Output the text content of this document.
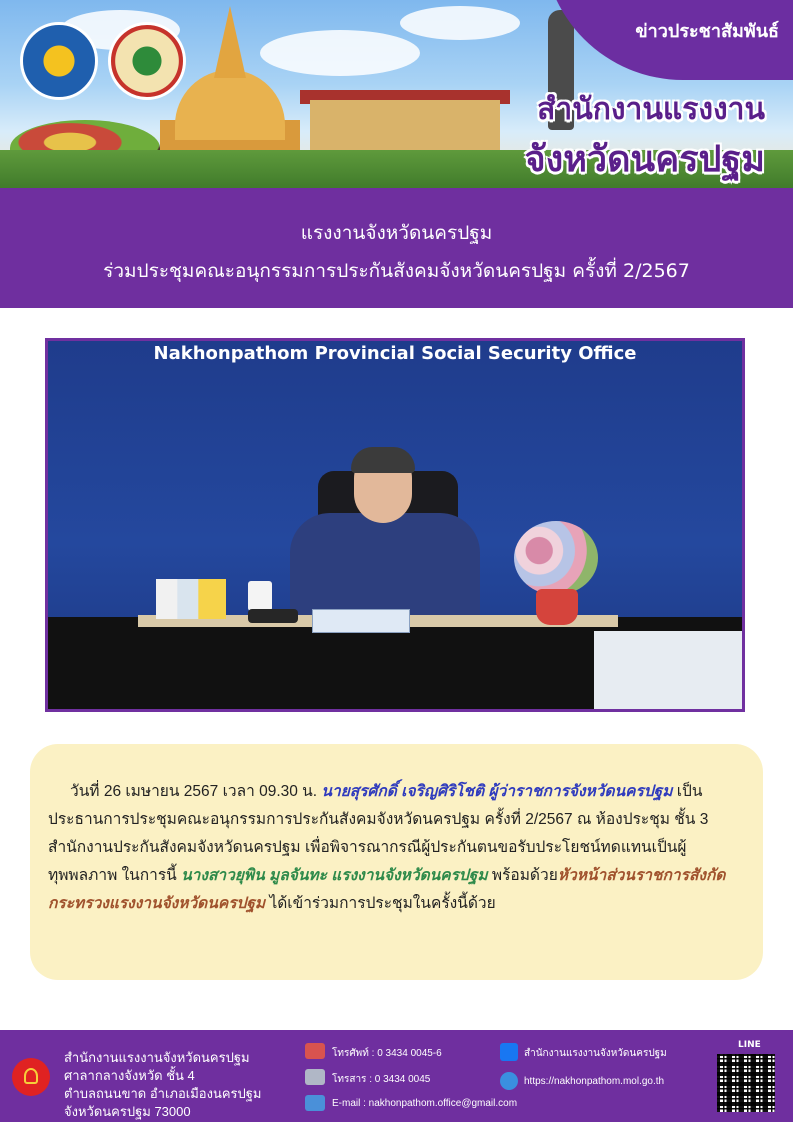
ข่าวประชาสัมพันธ์
สำนักงานแรงงาน
จังหวัดนครปฐม
แรงงานจังหวัดนครปฐม
ร่วมประชุมคณะอนุกรรมการประกันสังคมจังหวัดนครปฐม ครั้งที่ 2/2567
Nakhonpathom Provincial Social Security Office

วันที่ 26 เมษายน 2567 เวลา 09.30 น. นายสุรศักดิ์ เจริญศิริโชติ ผู้ว่าราชการจังหวัดนครปฐม เป็นประธานการประชุมคณะอนุกรรมการประกันสังคมจังหวัดนครปฐม ครั้งที่ 2/2567 ณ ห้องประชุม ชั้น 3 สำนักงานประกันสังคมจังหวัดนครปฐม เพื่อพิจารณากรณีผู้ประกันตนขอรับประโยชน์ทดแทนเป็นผู้ทุพพลภาพ ในการนี้ นางสาวยุพิน มูลจันทะ แรงงานจังหวัดนครปฐม พร้อมด้วยหัวหน้าส่วนราชการสังกัดกระทรวงแรงงานจังหวัดนครปฐม ได้เข้าร่วมการประชุมในครั้งนี้ด้วย

สำนักงานแรงงานจังหวัดนครปฐม
ศาลากลางจังหวัด ชั้น 4
ตำบลถนนขาด อำเภอเมืองนครปฐม
จังหวัดนครปฐม 73000
โทรศัพท์ : 0 3434 0045-6
โทรสาร : 0 3434 0045
E-mail : nakhonpathom.office@gmail.com
สำนักงานแรงงานจังหวัดนครปฐม
https://nakhonpathom.mol.go.th
LINE
